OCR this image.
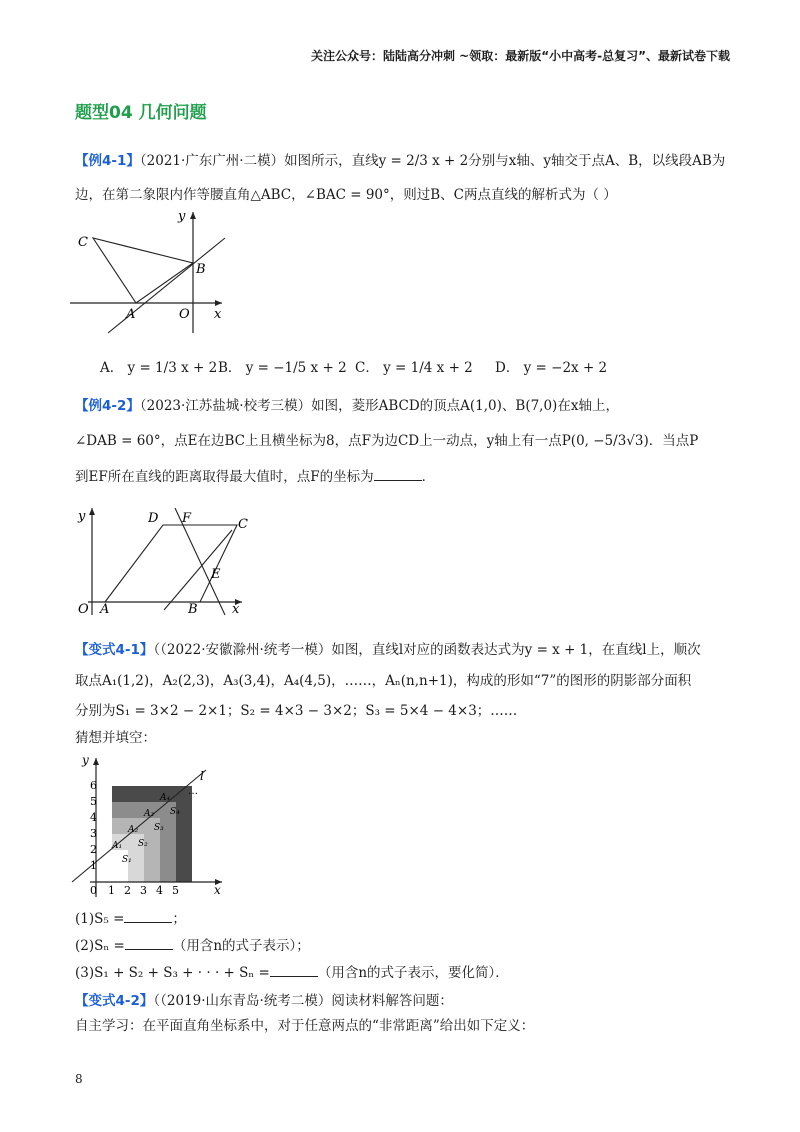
关注公众号：陆陆高分冲刺 ~领取：最新版“小中高考-总复习”、最新试卷下载
题型04 几何问题
【例4-1】（2021·广东广州·二模）如图所示，直线y = 2/3 x + 2分别与x轴、y轴交于点A、B，以线段AB为
边，在第二象限内作等腰直角△ABC，∠BAC = 90°，则过B、C两点直线的解析式为（ ）
C
B
A	O x
y
A． y = 1/3 x + 2 B． y = −1/5 x + 2 C． y = 1/4 x + 2 D． y = −2x + 2
【例4-2】（2023·江苏盐城·校考三模）如图，菱形ABCD的顶点A(1,0)、B(7,0)在x轴上，
∠DAB = 60°，点E在边BC上且横坐标为8，点F为边CD上一动点，y轴上有一点P(0, −5/3√3)．当点P
到EF所在直线的距离取得最大值时，点F的坐标为	．
y	D F	C
E
O A	B	x
【变式4-1】（（2022·安徽滁州·统考一模）如图，直线l对应的函数表达式为y = x + 1，在直线l上，顺次
取点A₁(1,2)，A₂(2,3)，A₃(3,4)，A₄(4,5)，……，Aₙ(n,n+1)，构成的形如“7”的图形的阴影部分面积
分别为S₁ = 3×2 − 2×1；S₂ = 4×3 − 3×2；S₃ = 5×4 − 4×3；……
猜想并填空：
1
2
3
4
5
6
0 1 2 3 4 5
y
x
l
…
A₁
A₂
A₃
A₄
S₁
S₂
S₃
S₄
(1)S₅ =	；
(2)Sₙ =	（用含n的式子表示）；
(3)S₁ + S₂ + S₃ + · · · + Sₙ =	（用含n的式子表示，要化简）．
【变式4-2】（（2019·山东青岛·统考二模）阅读材料解答问题：
自主学习：在平面直角坐标系中，对于任意两点的“非常距离”给出如下定义：
8
